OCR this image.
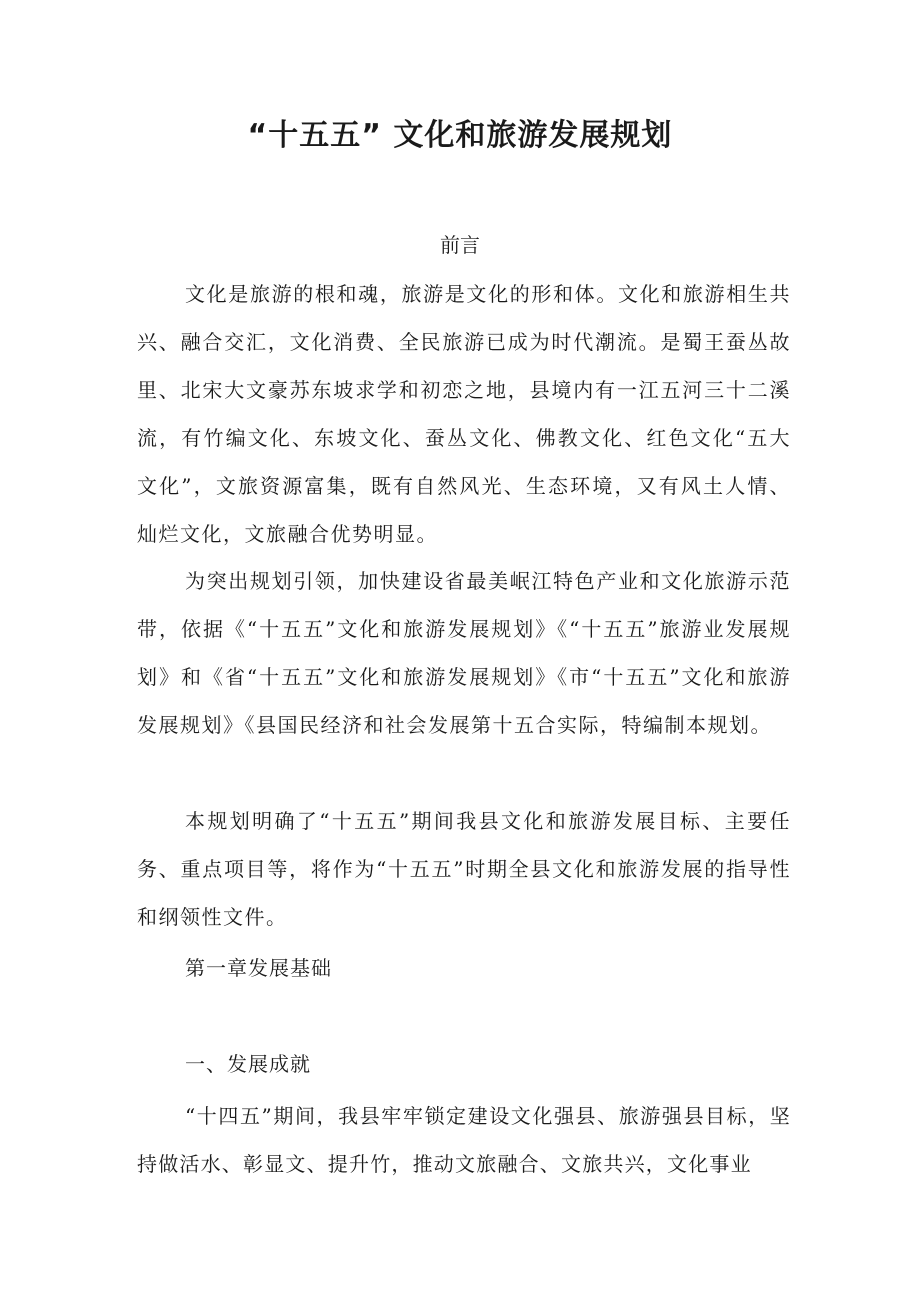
“十五五” 文化和旅游发展规划
前言

文化是旅游的根和魂，旅游是文化的形和体。文化和旅游相生共兴、融合交汇，文化消费、全民旅游已成为时代潮流。是蜀王蚕丛故里、北宋大文豪苏东坡求学和初恋之地，县境内有一江五河三十二溪流，有竹编文化、东坡文化、蚕丛文化、佛教文化、红色文化“五大文化”，文旅资源富集，既有自然风光、生态环境，又有风土人情、灿烂文化，文旅融合优势明显。

为突出规划引领，加快建设省最美岷江特色产业和文化旅游示范带，依据《“十五五”文化和旅游发展规划》《“十五五”旅游业发展规划》和《省“十五五”文化和旅游发展规划》《市“十五五”文化和旅游发展规划》《县国民经济和社会发展第十五合实际，特编制本规划。

本规划明确了“十五五”期间我县文化和旅游发展目标、主要任务、重点项目等，将作为“十五五”时期全县文化和旅游发展的指导性和纲领性文件。

第一章发展基础
一、发展成就

“十四五”期间，我县牢牢锁定建设文化强县、旅游强县目标，坚持做活水、彰显文、提升竹，推动文旅融合、文旅共兴，文化事业
